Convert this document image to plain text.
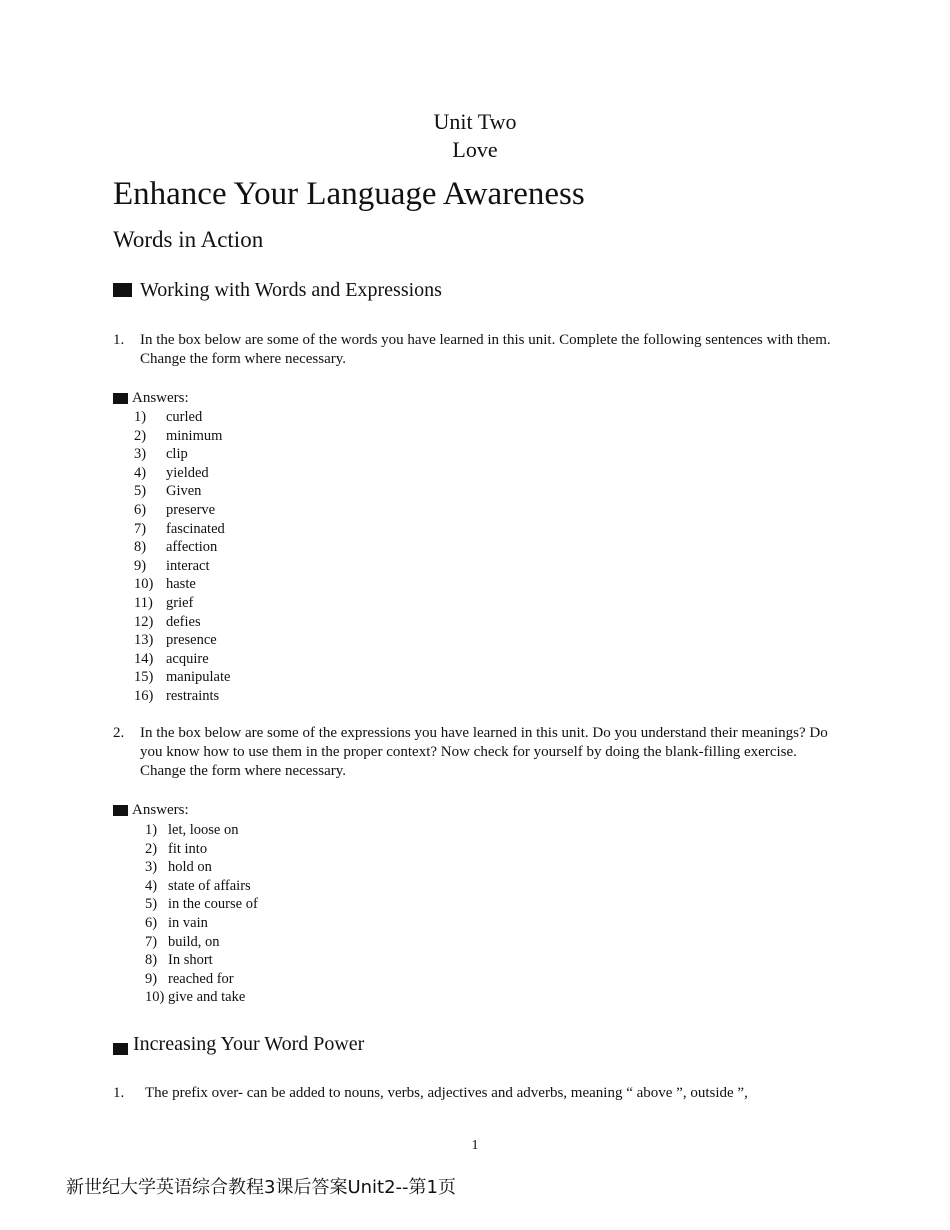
Unit Two
Love
Enhance Your Language Awareness
Words in Action
Working with Words and Expressions
1. In the box below are some of the words you have learned in this unit. Complete the following sentences with them. Change the form where necessary.
Answers:
1) curled
2) minimum
3) clip
4) yielded
5) Given
6) preserve
7) fascinated
8) affection
9) interact
10) haste
11) grief
12) defies
13) presence
14) acquire
15) manipulate
16) restraints
2. In the box below are some of the expressions you have learned in this unit. Do you understand their meanings? Do you know how to use them in the proper context? Now check for yourself by doing the blank-filling exercise. Change the form where necessary.
Answers:
1) let, loose on
2) fit into
3) hold on
4) state of affairs
5) in the course of
6) in vain
7) build, on
8) In short
9) reached for
10) give and take
Increasing Your Word Power
1. The prefix over- can be added to nouns, verbs, adjectives and adverbs, meaning “ above ”, outside ”,
1
新世纪大学英语综合教程3课后答案Unit2--第1页
